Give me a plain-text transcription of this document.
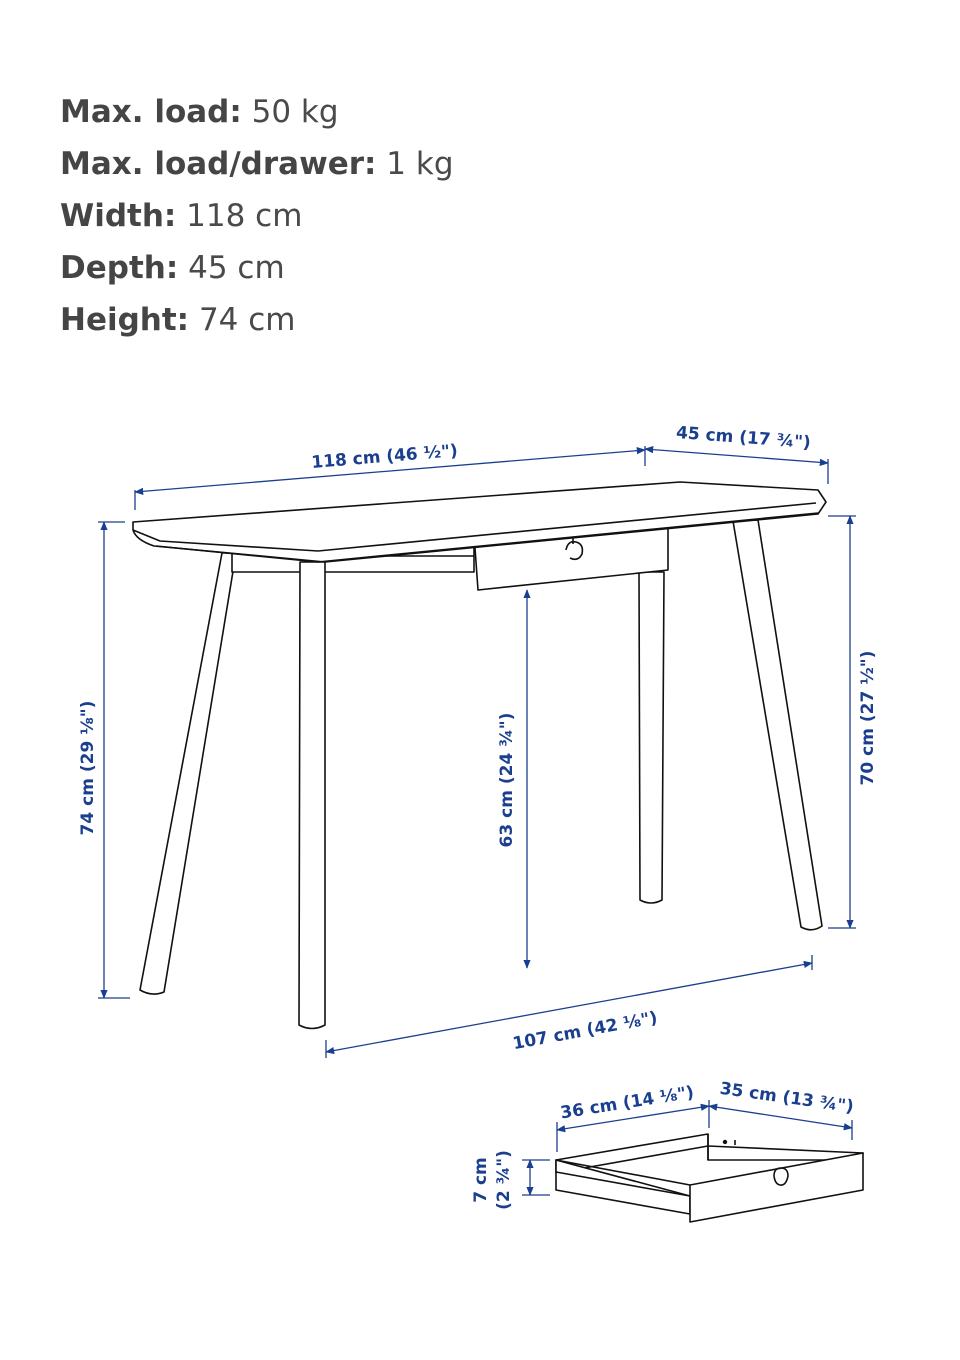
Max. load: 50 kg
Max. load/drawer: 1 kg
Width: 118 cm
Depth: 45 cm
Height: 74 cm
118 cm (46 ½")
45 cm (17 ¾")
74 cm (29 ⅛")	70 cm (27 ½")
63 cm (24 ¾")
107 cm (42 ⅛")
36 cm (14 ⅛") 35 cm (13 ¾")
7 cm (2 ¾")
